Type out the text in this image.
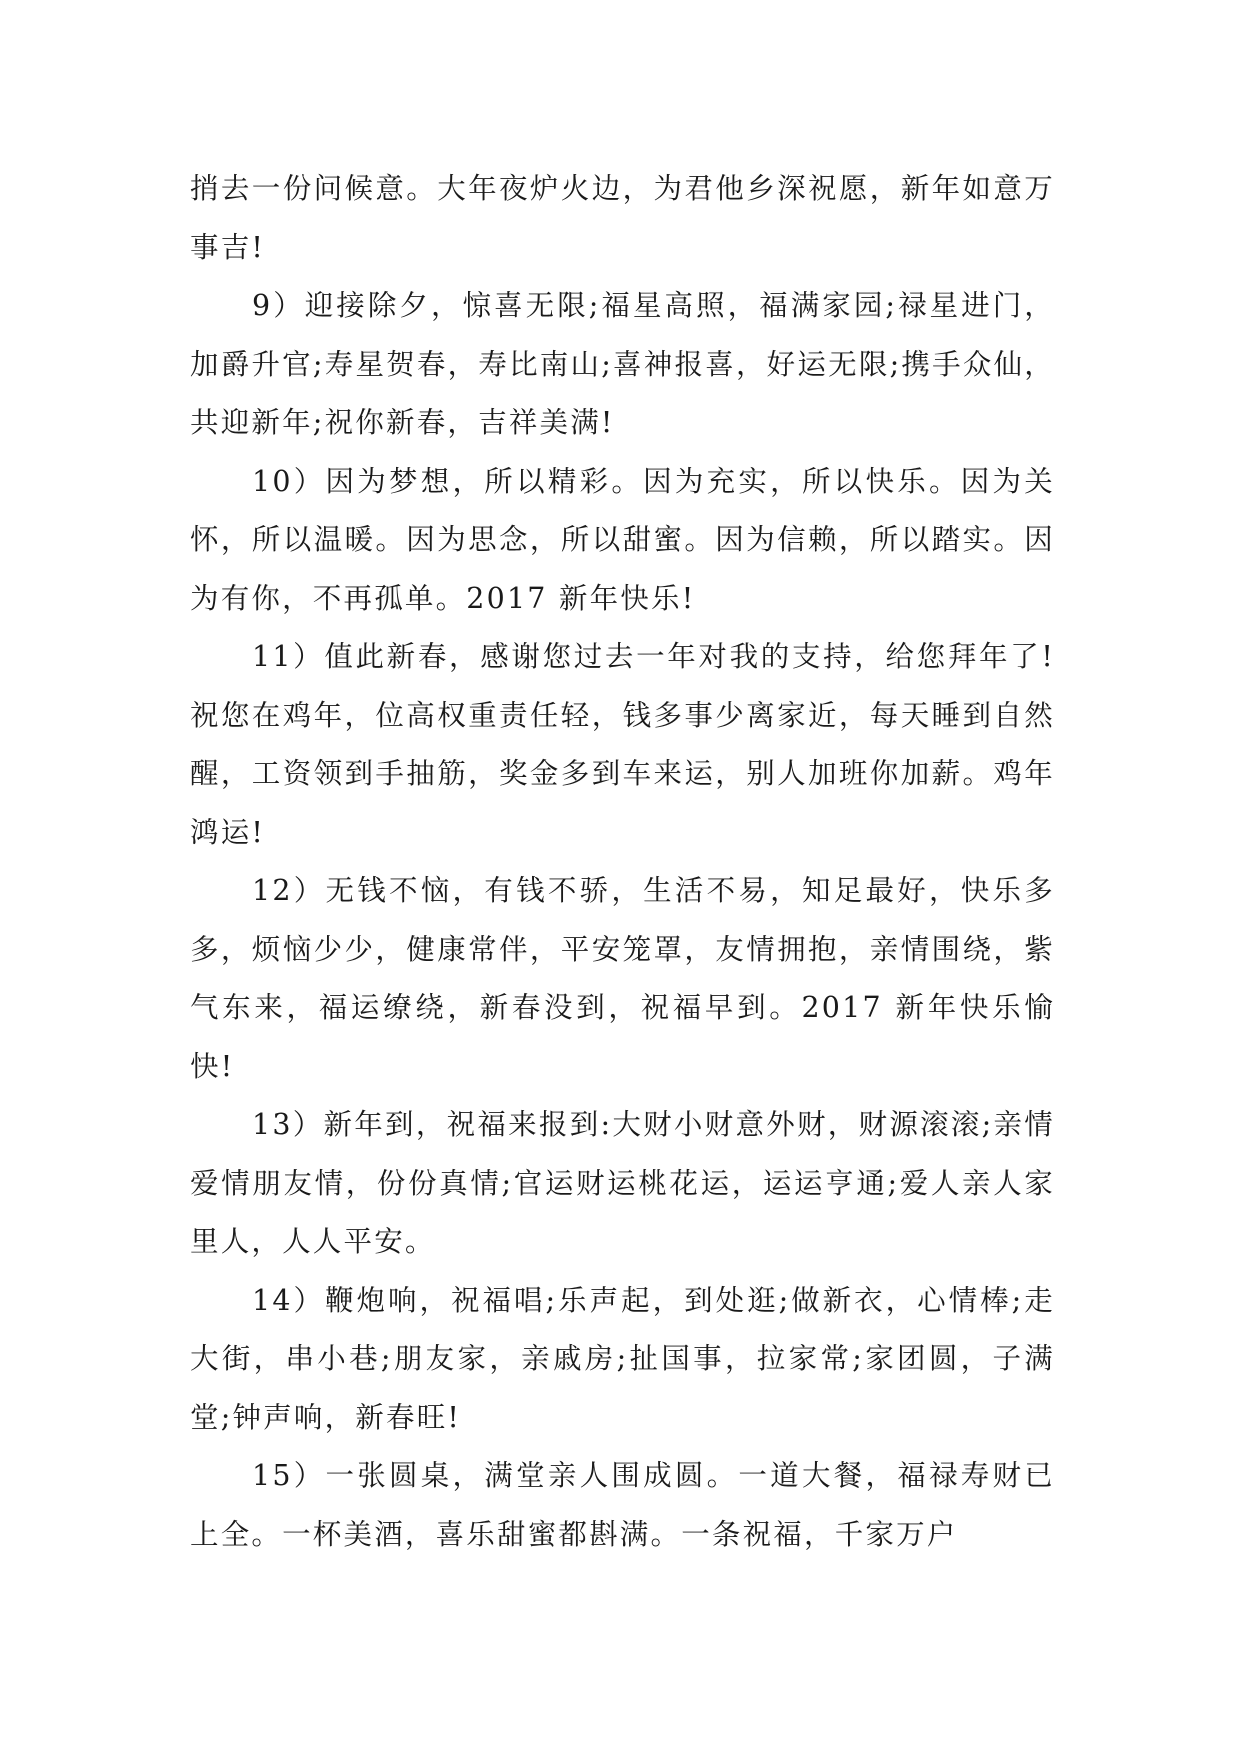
捎去一份问候意。大年夜炉火边，为君他乡深祝愿，新年如意万事吉!

9）迎接除夕，惊喜无限;福星高照，福满家园;禄星进门，加爵升官;寿星贺春，寿比南山;喜神报喜，好运无限;携手众仙，共迎新年;祝你新春，吉祥美满!

10）因为梦想，所以精彩。因为充实，所以快乐。因为关怀，所以温暖。因为思念，所以甜蜜。因为信赖，所以踏实。因为有你，不再孤单。2017 新年快乐!

11）值此新春，感谢您过去一年对我的支持，给您拜年了!祝您在鸡年，位高权重责任轻，钱多事少离家近，每天睡到自然醒，工资领到手抽筋，奖金多到车来运，别人加班你加薪。鸡年鸿运!

12）无钱不恼，有钱不骄，生活不易，知足最好，快乐多多，烦恼少少，健康常伴，平安笼罩，友情拥抱，亲情围绕，紫气东来，福运缭绕，新春没到，祝福早到。2017 新年快乐愉快!

13）新年到，祝福来报到:大财小财意外财，财源滚滚;亲情爱情朋友情，份份真情;官运财运桃花运，运运亨通;爱人亲人家里人，人人平安。

14）鞭炮响，祝福唱;乐声起，到处逛;做新衣，心情棒;走大街，串小巷;朋友家，亲戚房;扯国事，拉家常;家团圆，子满堂;钟声响，新春旺!

15）一张圆桌，满堂亲人围成圆。一道大餐，福禄寿财已上全。一杯美酒，喜乐甜蜜都斟满。一条祝福，千家万户
